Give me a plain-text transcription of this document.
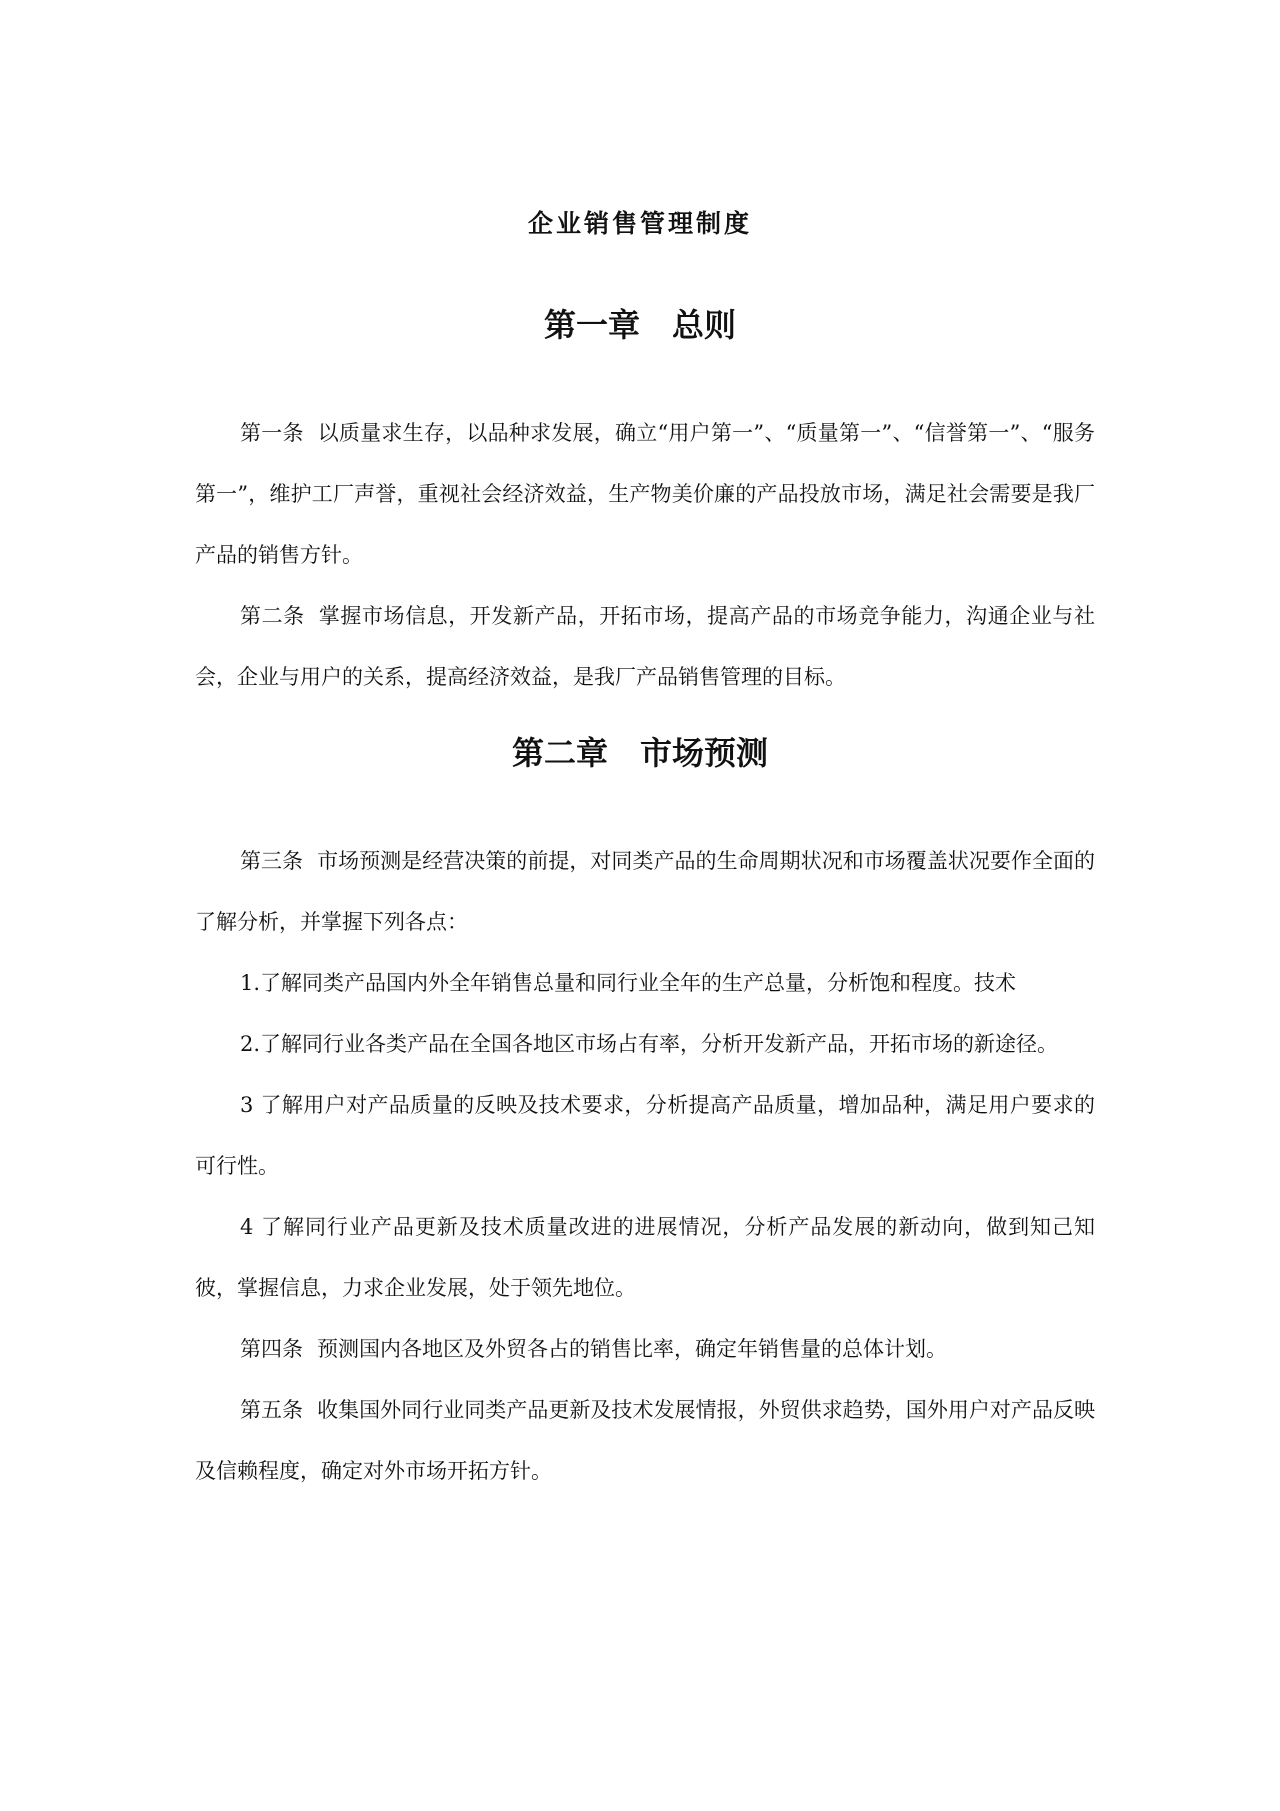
企业销售管理制度
第一章　总则

第一条 以质量求生存，以品种求发展，确立“用户第一”、“质量第一”、“信誉第一”、“服务第一”，维护工厂声誉，重视社会经济效益，生产物美价廉的产品投放市场，满足社会需要是我厂产品的销售方针。

第二条 掌握市场信息，开发新产品，开拓市场，提高产品的市场竞争能力，沟通企业与社会，企业与用户的关系，提高经济效益，是我厂产品销售管理的目标。

第二章　市场预测

第三条 市场预测是经营决策的前提，对同类产品的生命周期状况和市场覆盖状况要作全面的了解分析，并掌握下列各点：

1.了解同类产品国内外全年销售总量和同行业全年的生产总量，分析饱和程度。技术

2.了解同行业各类产品在全国各地区市场占有率，分析开发新产品，开拓市场的新途径。

3 了解用户对产品质量的反映及技术要求，分析提高产品质量，增加品种，满足用户要求的可行性。

4 了解同行业产品更新及技术质量改进的进展情况，分析产品发展的新动向，做到知己知彼，掌握信息，力求企业发展，处于领先地位。

第四条 预测国内各地区及外贸各占的销售比率，确定年销售量的总体计划。

第五条 收集国外同行业同类产品更新及技术发展情报，外贸供求趋势，国外用户对产品反映及信赖程度，确定对外市场开拓方针。
